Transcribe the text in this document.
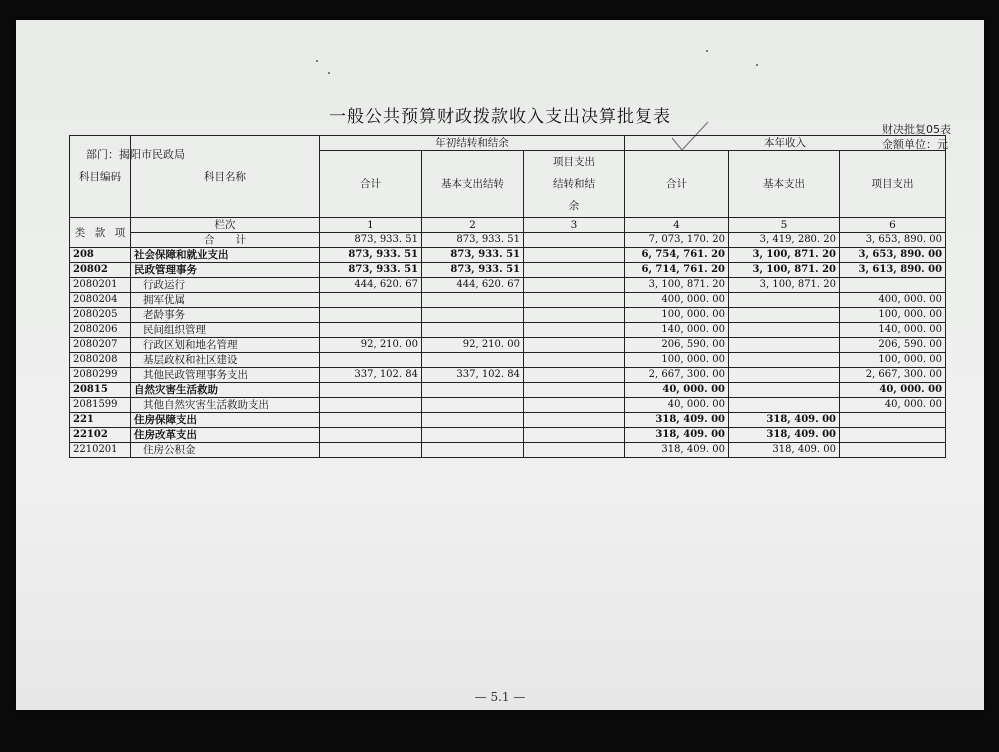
一般公共预算财政拨款收入支出决算批复表
财决批复05表
金额单位：元
部门：揭阳市民政局
— 5.1 —
科目编码	科目名称	年初结转和结余			本年收入		
		合计	基本支出结转	项目支出结转和结余	合计	基本支出	项目支出

类 款 项	栏次	1	2	3	4	5	6
	合　　计	873, 933. 51	873, 933. 51		7, 073, 170. 20	3, 419, 280. 20	3, 653, 890. 00
208	社会保障和就业支出	873, 933. 51	873, 933. 51		6, 754, 761. 20	3, 100, 871. 20	3, 653, 890. 00
20802	民政管理事务	873, 933. 51	873, 933. 51		6, 714, 761. 20	3, 100, 871. 20	3, 613, 890. 00
2080201	行政运行	444, 620. 67	444, 620. 67		3, 100, 871. 20	3, 100, 871. 20	
2080204	拥军优属				400, 000. 00		400, 000. 00
2080205	老龄事务				100, 000. 00		100, 000. 00
2080206	民间组织管理				140, 000. 00		140, 000. 00
2080207	行政区划和地名管理	92, 210. 00	92, 210. 00		206, 590. 00		206, 590. 00
2080208	基层政权和社区建设				100, 000. 00		100, 000. 00
2080299	其他民政管理事务支出	337, 102. 84	337, 102. 84		2, 667, 300. 00		2, 667, 300. 00
20815	自然灾害生活救助				40, 000. 00		40, 000. 00
2081599	其他自然灾害生活救助支出				40, 000. 00		40, 000. 00
221	住房保障支出				318, 409. 00	318, 409. 00	
22102	住房改革支出				318, 409. 00	318, 409. 00	
2210201	住房公积金				318, 409. 00	318, 409. 00	
